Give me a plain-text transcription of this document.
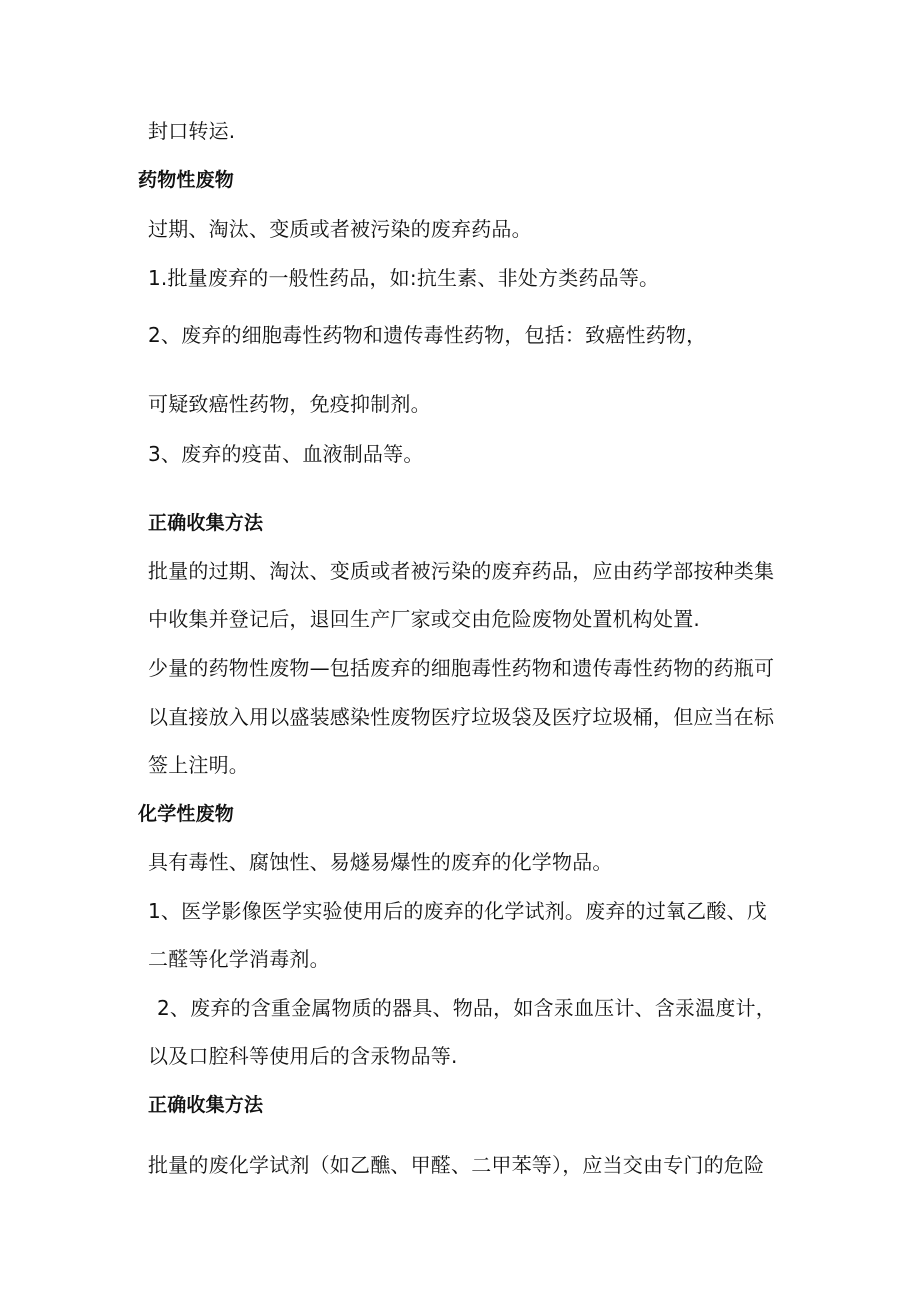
封口转运.
药物性废物
过期、淘汰、变质或者被污染的废弃药品。
1.批量废弃的一般性药品，如:抗生素、非处方类药品等。
2、废弃的细胞毒性药物和遗传毒性药物，包括：致癌性药物，
可疑致癌性药物，免疫抑制剂。
3、废弃的疫苗、血液制品等。
正确收集方法
批量的过期、淘汰、变质或者被污染的废弃药品，应由药学部按种类集
中收集并登记后，退回生产厂家或交由危险废物处置机构处置.
少量的药物性废物—包括废弃的细胞毒性药物和遗传毒性药物的药瓶可
以直接放入用以盛装感染性废物医疗垃圾袋及医疗垃圾桶，但应当在标
签上注明。
化学性废物
具有毒性、腐蚀性、易燧易爆性的废弃的化学物品。
1、医学影像医学实验使用后的废弃的化学试剂。废弃的过氧乙酸、戊
二醛等化学消毒剂。
2、废弃的含重金属物质的器具、物品，如含汞血压计、含汞温度计，
以及口腔科等使用后的含汞物品等.
正确收集方法
批量的废化学试剂（如乙醮、甲醛、二甲苯等），应当交由专门的危险
